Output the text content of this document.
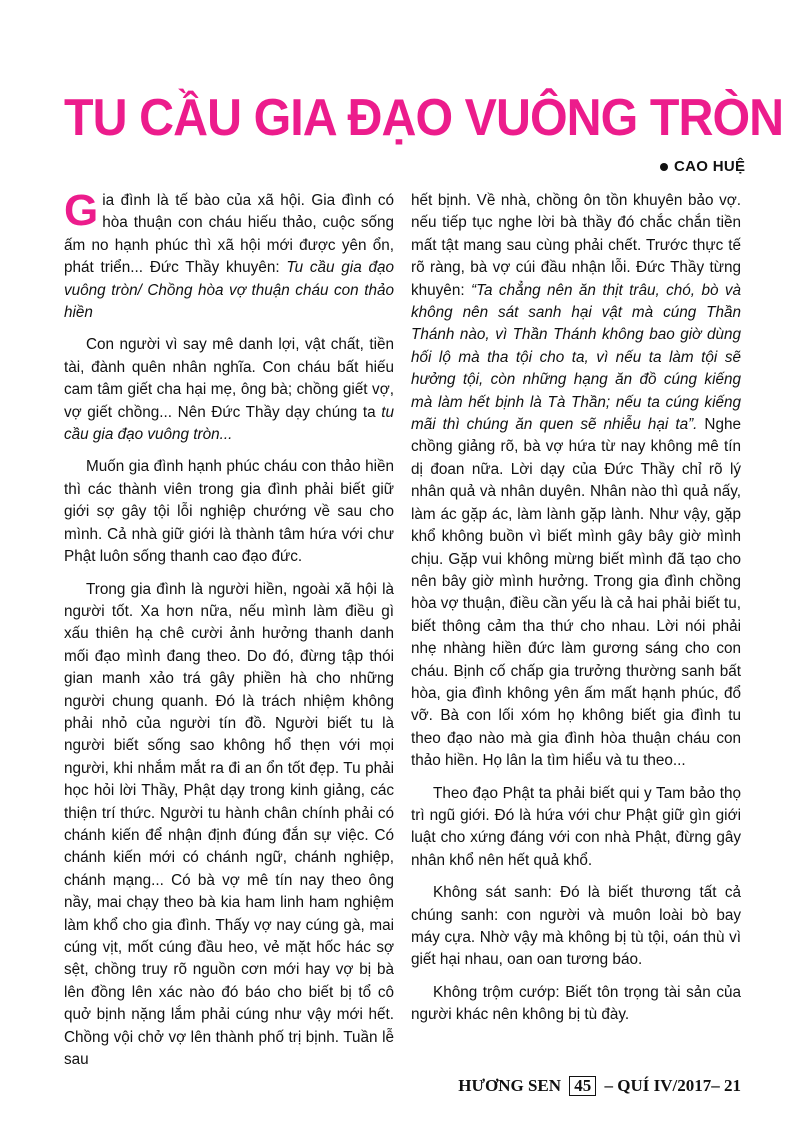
TU CẦU GIA ĐẠO VUÔNG TRÒN
CAO HUỆ

Gia đình là tế bào của xã hội. Gia đình có hòa thuận con cháu hiếu thảo, cuộc sống ấm no hạnh phúc thì xã hội mới được yên ổn, phát triển... Đức Thầy khuyên: Tu cầu gia đạo vuông tròn/ Chồng hòa vợ thuận cháu con thảo hiền

Con người vì say mê danh lợi, vật chất, tiền tài, đành quên nhân nghĩa. Con cháu bất hiếu cam tâm giết cha hại mẹ, ông bà; chồng giết vợ, vợ giết chồng... Nên Đức Thầy dạy chúng ta tu cầu gia đạo vuông tròn...

Muốn gia đình hạnh phúc cháu con thảo hiền thì các thành viên trong gia đình phải biết giữ giới sợ gây tội lỗi nghiệp chướng về sau cho mình. Cả nhà giữ giới là thành tâm hứa với chư Phật luôn sống thanh cao đạo đức.

Trong gia đình là người hiền, ngoài xã hội là người tốt. Xa hơn nữa, nếu mình làm điều gì xấu thiên hạ chê cười ảnh hưởng thanh danh mối đạo mình đang theo. Do đó, đừng tập thói gian manh xảo trá gây phiền hà cho những người chung quanh. Đó là trách nhiệm không phải nhỏ của người tín đồ. Người biết tu là người biết sống sao không hổ thẹn với mọi người, khi nhắm mắt ra đi an ổn tốt đẹp. Tu phải học hỏi lời Thầy, Phật dạy trong kinh giảng, các thiện trí thức. Người tu hành chân chính phải có chánh kiến để nhận định đúng đắn sự việc. Có chánh kiến mới có chánh ngữ, chánh nghiệp, chánh mạng... Có bà vợ mê tín nay theo ông nầy, mai chạy theo bà kia ham linh ham nghiệm làm khổ cho gia đình. Thấy vợ nay cúng gà, mai cúng vịt, mốt cúng đầu heo, vẻ mặt hốc hác sợ sệt, chồng truy rõ nguồn cơn mới hay vợ bị bà lên đồng lên xác nào đó báo cho biết bị tổ cô quở bịnh nặng lắm phải cúng như vậy mới hết. Chồng vội chở vợ lên thành phố trị bịnh. Tuần lễ sau

hết bịnh. Về nhà, chồng ôn tồn khuyên bảo vợ. nếu tiếp tục nghe lời bà thầy đó chắc chắn tiền mất tật mang sau cùng phải chết. Trước thực tế rõ ràng, bà vợ cúi đầu nhận lỗi. Đức Thầy từng khuyên: “Ta chẳng nên ăn thịt trâu, chó, bò và không nên sát sanh hại vật mà cúng Thần Thánh nào, vì Thần Thánh không bao giờ dùng hối lộ mà tha tội cho ta, vì nếu ta làm tội sẽ hưởng tội, còn những hạng ăn đồ cúng kiếng mà làm hết bịnh là Tà Thần; nếu ta cúng kiếng mãi thì chúng ăn quen sẽ nhiễu hại ta”. Nghe chồng giảng rõ, bà vợ hứa từ nay không mê tín dị đoan nữa. Lời dạy của Đức Thầy chỉ rõ lý nhân quả và nhân duyên. Nhân nào thì quả nấy, làm ác gặp ác, làm lành gặp lành. Như vậy, gặp khổ không buồn vì biết mình gây bây giờ mình chịu. Gặp vui không mừng biết mình đã tạo cho nên bây giờ mình hưởng. Trong gia đình chồng hòa vợ thuận, điều cần yếu là cả hai phải biết tu, biết thông cảm tha thứ cho nhau. Lời nói phải nhẹ nhàng hiền đức làm gương sáng cho con cháu. Bịnh cố chấp gia trưởng thường sanh bất hòa, gia đình không yên ấm mất hạnh phúc, đổ vỡ. Bà con lối xóm họ không biết gia đình tu theo đạo nào mà gia đình hòa thuận cháu con thảo hiền. Họ lân la tìm hiểu và tu theo...

Theo đạo Phật ta phải biết qui y Tam bảo thọ trì ngũ giới. Đó là hứa với chư Phật giữ gìn giới luật cho xứng đáng với con nhà Phật, đừng gây nhân khổ nên hết quả khổ.

Không sát sanh: Đó là biết thương tất cả chúng sanh: con người và muôn loài bò bay máy cựa. Nhờ vậy mà không bị tù tội, oán thù vì giết hại nhau, oan oan tương báo.

Không trộm cướp: Biết tôn trọng tài sản của người khác nên không bị tù đày.

HƯƠNG SEN 45 – QUÍ IV/2017– 21
